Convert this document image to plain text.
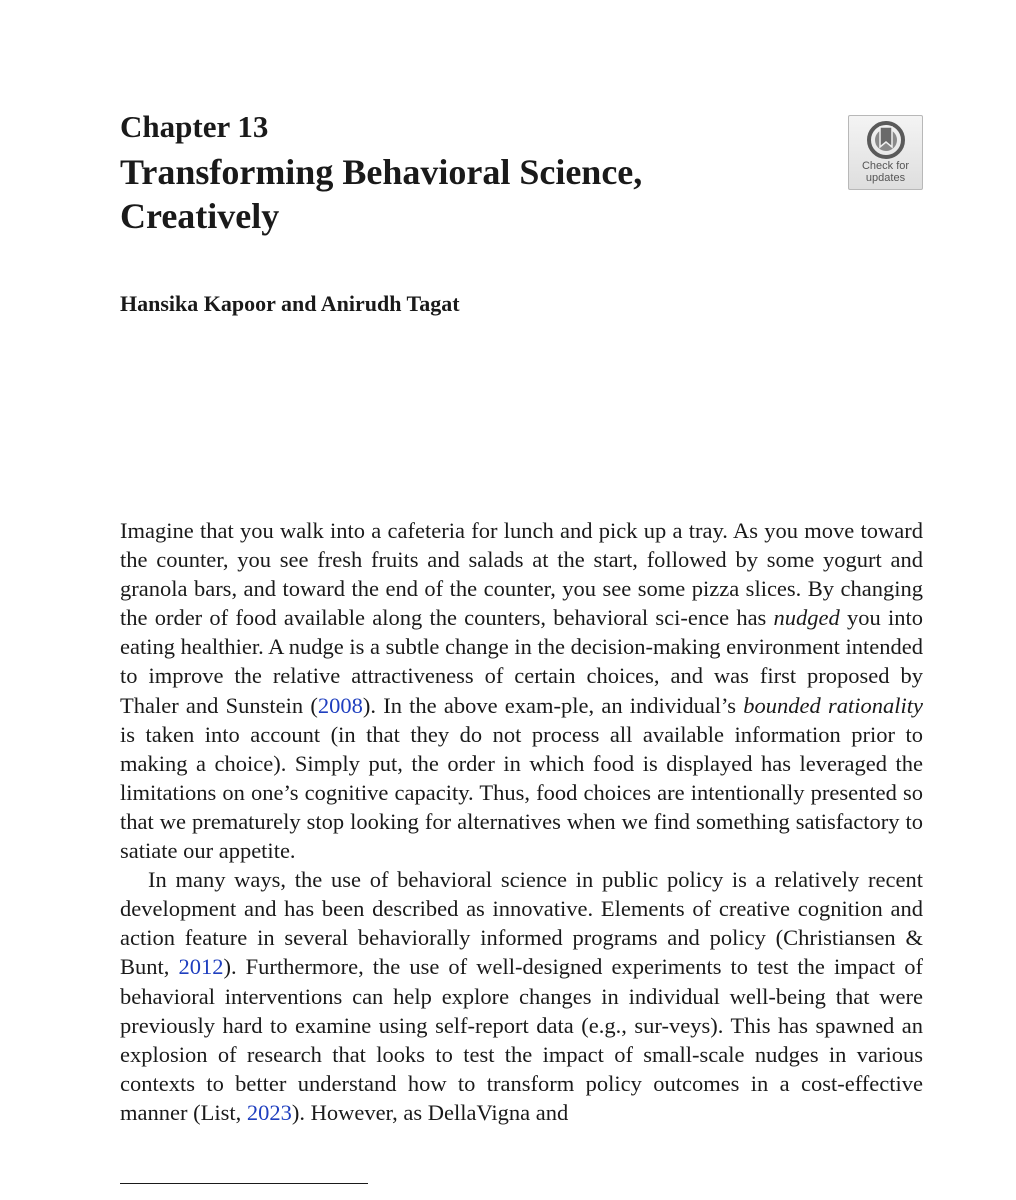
Chapter 13
Transforming Behavioral Science,
Creatively
Check for
updates

Hansika Kapoor and Anirudh Tagat

Imagine that you walk into a cafeteria for lunch and pick up a tray. As you move toward the counter, you see fresh fruits and salads at the start, followed by some yogurt and granola bars, and toward the end of the counter, you see some pizza slices. By changing the order of food available along the counters, behavioral sci-ence has nudged you into eating healthier. A nudge is a subtle change in the decision-making environment intended to improve the relative attractiveness of certain choices, and was first proposed by Thaler and Sunstein (2008). In the above exam-ple, an individual’s bounded rationality is taken into account (in that they do not process all available information prior to making a choice). Simply put, the order in which food is displayed has leveraged the limitations on one’s cognitive capacity. Thus, food choices are intentionally presented so that we prematurely stop looking for alternatives when we find something satisfactory to satiate our appetite.

In many ways, the use of behavioral science in public policy is a relatively recent development and has been described as innovative. Elements of creative cognition and action feature in several behaviorally informed programs and policy (Christiansen & Bunt, 2012). Furthermore, the use of well-designed experiments to test the impact of behavioral interventions can help explore changes in individual well-being that were previously hard to examine using self-report data (e.g., sur-veys). This has spawned an explosion of research that looks to test the impact of small-scale nudges in various contexts to better understand how to transform policy outcomes in a cost-effective manner (List, 2023). However, as DellaVigna and
